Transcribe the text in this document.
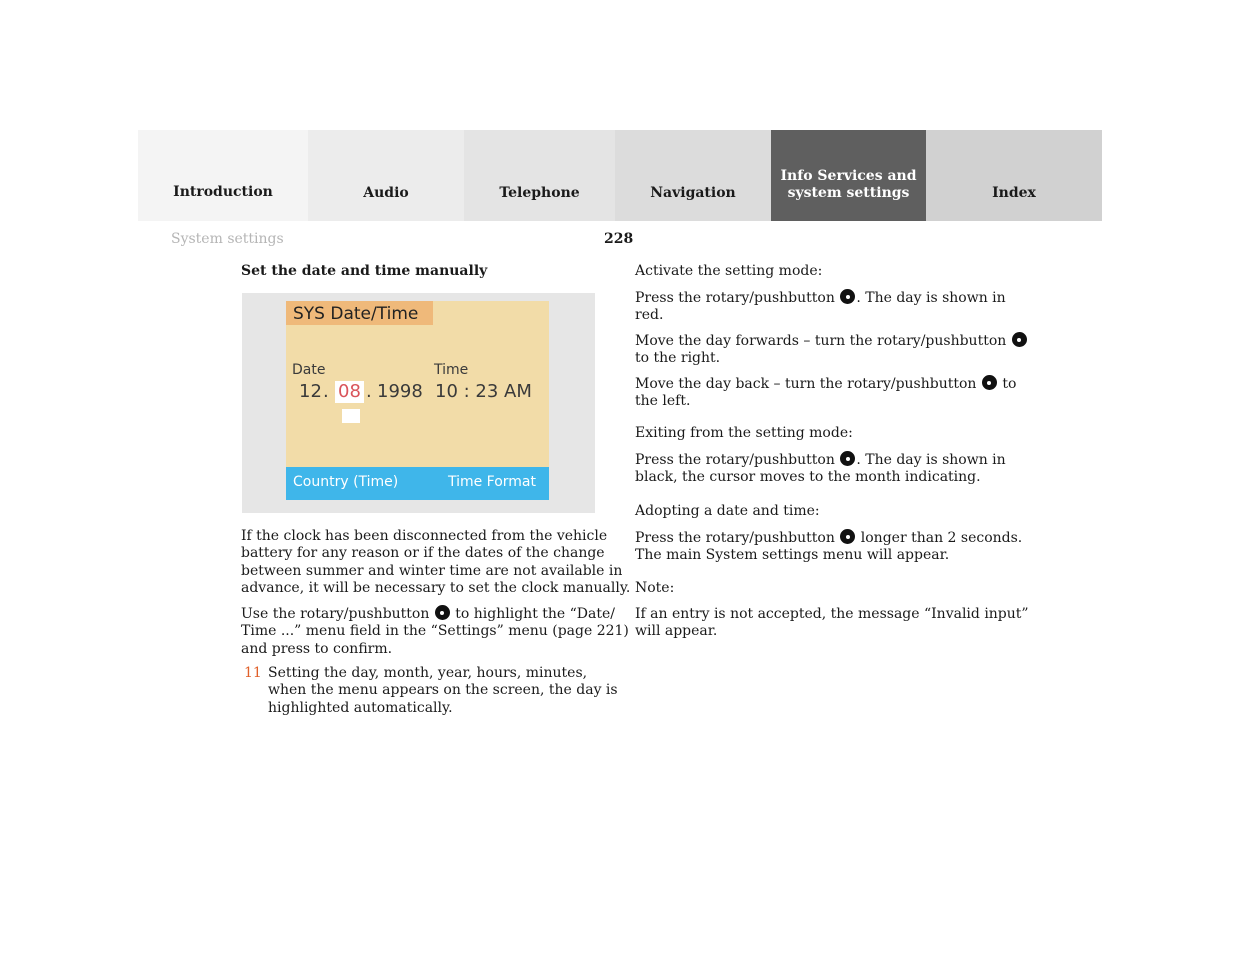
Introduction	Audio	Telephone	Navigation
Info Services and
system settings	Index
System settings	228
Set the date and time manually
SYS Date/Time
Date	Time
12 . 08 . 1998 10 : 23 AM
Country (Time)	Time Format
If the clock has been disconnected from the vehicle
battery for any reason or if the dates of the change
between summer and winter time are not available in
advance, it will be necessary to set the clock manually.
Use the rotary/pushbutton  to highlight the “Date/
Time ...” menu field in the “Settings” menu (page 221)
and press to confirm.
11 Setting the day, month, year, hours, minutes,
when the menu appears on the screen, the day is
highlighted automatically.
Activate the setting mode:
Press the rotary/pushbutton . The day is shown in
red.
Move the day forwards – turn the rotary/pushbutton
to the right.
Move the day back – turn the rotary/pushbutton  to
the left.
Exiting from the setting mode:
Press the rotary/pushbutton . The day is shown in
black, the cursor moves to the month indicating.
Adopting a date and time:
Press the rotary/pushbutton  longer than 2 seconds.
The main System settings menu will appear.
Note:
If an entry is not accepted, the message “Invalid input”
will appear.
